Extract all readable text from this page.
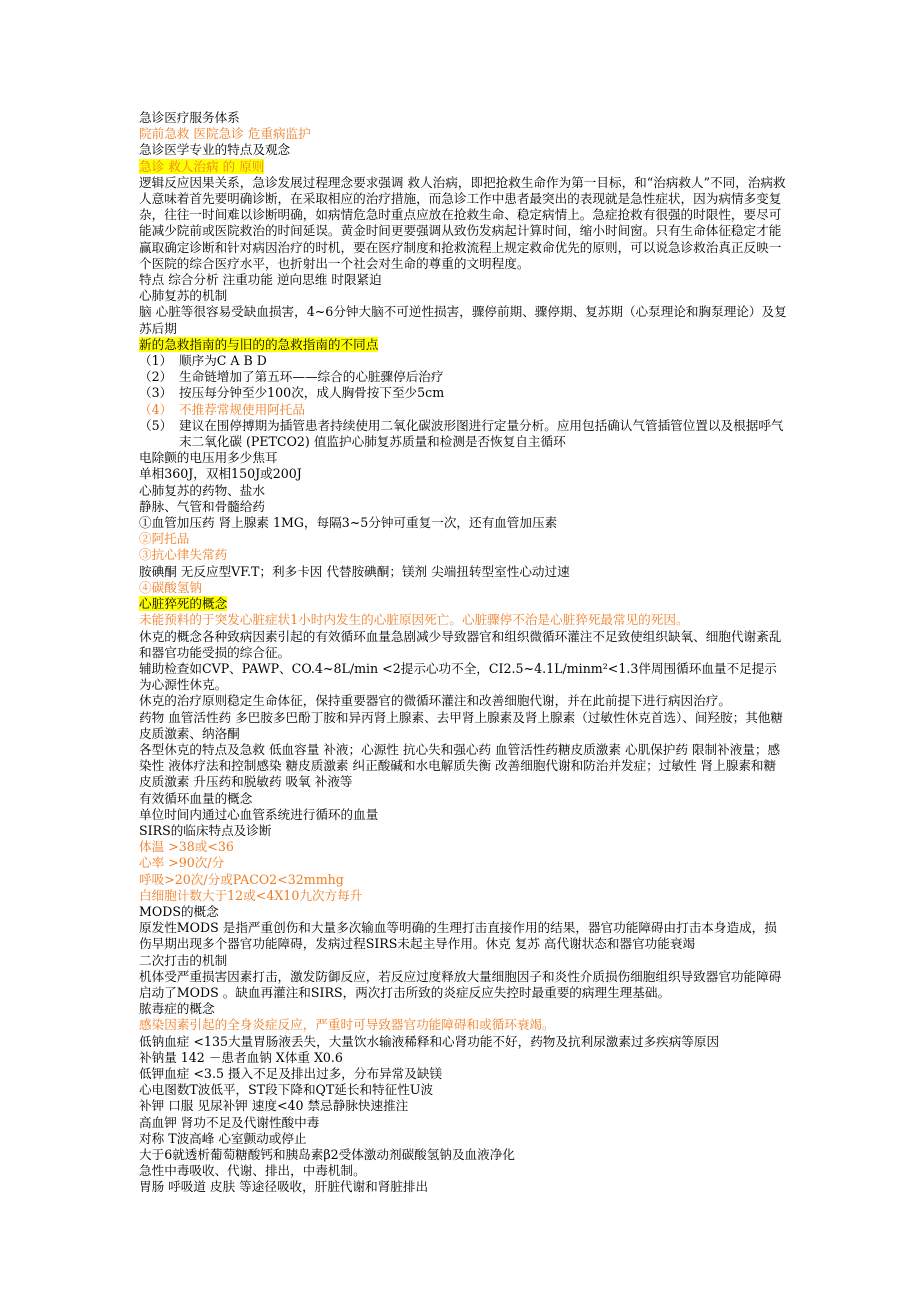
急诊医疗服务体系

院前急救 医院急诊 危重病监护

急诊医学专业的特点及观念

急诊 救人治病 的 原则

逻辑反应因果关系，急诊发展过程理念要求强调 救人治病，即把抢救生命作为第一目标，和“治病救人”不同，治病救人意味着首先要明确诊断，在采取相应的治疗措施，而急诊工作中患者最突出的表现就是急性症状，因为病情多变复杂，往往一时间难以诊断明确，如病情危急时重点应放在抢救生命、稳定病情上。急症抢救有很强的时限性，要尽可能减少院前或医院救治的时间延误。黄金时间更要强调从致伤发病起计算时间，缩小时间窗。只有生命体征稳定才能赢取确定诊断和针对病因治疗的时机，要在医疗制度和抢救流程上规定救命优先的原则，可以说急诊救治真正反映一个医院的综合医疗水平，也折射出一个社会对生命的尊重的文明程度。

特点 综合分析 注重功能 逆向思维 时限紧迫

心肺复苏的机制

脑 心脏等很容易受缺血损害，4~6分钟大脑不可逆性损害，骤停前期、骤停期、复苏期（心泵理论和胸泵理论）及复苏后期

新的急救指南的与旧的的急救指南的不同点

（1） 顺序为C A B D
（2） 生命链增加了第五环——综合的心脏骤停后治疗
（3） 按压每分钟至少100次，成人胸骨按下至少5cm
（4） 不推荐常规使用阿托品
（5） 建议在围停搏期为插管患者持续使用二氧化碳波形图进行定量分析。应用包括确认气管插管位置以及根据呼气末二氧化碳 (PETCO2) 值监护心肺复苏质量和检测是否恢复自主循环

电除颤的电压用多少焦耳

单相360J，双相150J或200J

心肺复苏的药物、盐水

静脉、气管和骨髓给药

①血管加压药 肾上腺素 1MG，每隔3~5分钟可重复一次，还有血管加压素

②阿托品

③抗心律失常药

胺碘酮 无反应型VF.T；利多卡因 代替胺碘酮；镁剂 尖端扭转型室性心动过速

④碳酸氢钠

心脏猝死的概念

未能预料的于突发心脏症状1小时内发生的心脏原因死亡。心脏骤停不治是心脏猝死最常见的死因。

休克的概念各种致病因素引起的有效循环血量急剧减少导致器官和组织微循环灌注不足致使组织缺氧、细胞代谢紊乱和器官功能受损的综合征。

辅助检查如CVP、PAWP、CO.4~8L/min <2提示心功不全，CI2.5~4.1L/minm²<1.3伴周围循环血量不足提示为心源性休克。

休克的治疗原则稳定生命体征，保持重要器官的微循环灌注和改善细胞代谢，并在此前提下进行病因治疗。

药物 血管活性药 多巴胺多巴酚丁胺和异丙肾上腺素、去甲肾上腺素及肾上腺素（过敏性休克首选）、间羟胺；其他糖皮质激素、纳洛酮

各型休克的特点及急救 低血容量 补液；心源性 抗心失和强心药 血管活性药糖皮质激素 心肌保护药 限制补液量；感染性 液体疗法和控制感染 糖皮质激素 纠正酸碱和水电解质失衡 改善细胞代谢和防治并发症；过敏性 肾上腺素和糖皮质激素 升压药和脱敏药 吸氧 补液等

有效循环血量的概念

单位时间内通过心血管系统进行循环的血量

SIRS的临床特点及诊断

体温 >38或<36

心率 >90次/分

呼吸>20次/分或PACO2<32mmhg

白细胞计数大于12或<4X10九次方每升

MODS的概念

原发性MODS 是指严重创伤和大量多次输血等明确的生理打击直接作用的结果，器官功能障碍由打击本身造成，损伤早期出现多个器官功能障碍，发病过程SIRS未起主导作用。休克 复苏 高代谢状态和器官功能衰竭

二次打击的机制

机体受严重损害因素打击，激发防御反应，若反应过度释放大量细胞因子和炎性介质损伤细胞组织导致器官功能障碍启动了MODS 。缺血再灌注和SIRS，两次打击所致的炎症反应失控时最重要的病理生理基础。

脓毒症的概念

感染因素引起的全身炎症反应，严重时可导致器官功能障碍和或循环衰竭。

低钠血症 <135大量胃肠液丢失，大量饮水输液稀释和心肾功能不好，药物及抗利尿激素过多疾病等原因

补钠量 142 －患者血钠 X体重 X0.6

低钾血症 <3.5 摄入不足及排出过多，分布异常及缺镁

心电图数T波低平，ST段下降和QT延长和特征性U波

补钾 口服 见尿补钾 速度<40 禁忌静脉快速推注

高血钾 肾功不足及代谢性酸中毒

对称 T波高峰 心室颤动或停止

大于6就透析葡萄糖酸钙和胰岛素β2受体激动剂碳酸氢钠及血液净化

急性中毒吸收、代谢、排出，中毒机制。

胃肠 呼吸道 皮肤 等途径吸收，肝脏代谢和肾脏排出
